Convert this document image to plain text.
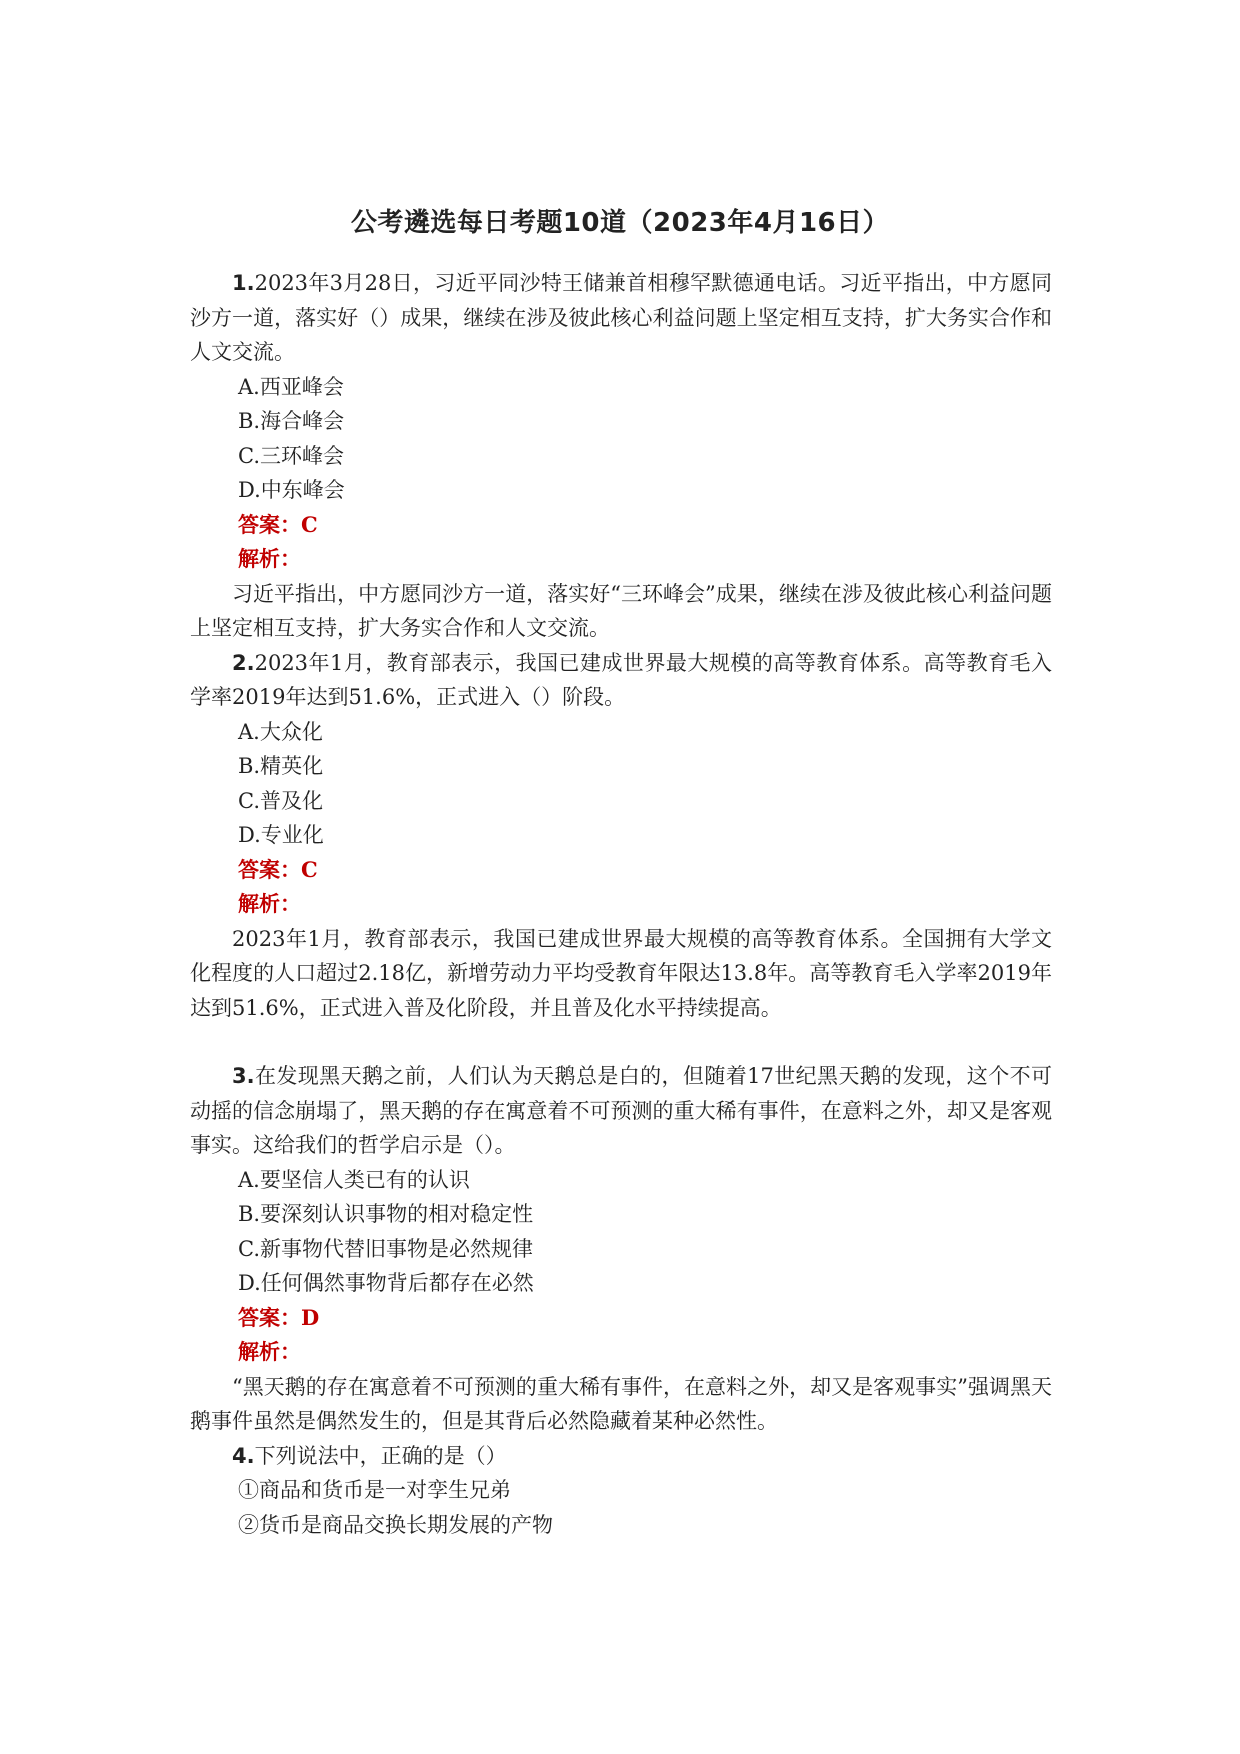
公考遴选每日考题10道（2023年4月16日）

1.2023年3月28日，习近平同沙特王储兼首相穆罕默德通电话。习近平指出，中方愿同沙方一道，落实好（）成果，继续在涉及彼此核心利益问题上坚定相互支持，扩大务实合作和人文交流。

A.西亚峰会

B.海合峰会

C.三环峰会

D.中东峰会

答案：C

解析：

习近平指出，中方愿同沙方一道，落实好“三环峰会”成果，继续在涉及彼此核心利益问题上坚定相互支持，扩大务实合作和人文交流。

2.2023年1月，教育部表示，我国已建成世界最大规模的高等教育体系。高等教育毛入学率2019年达到51.6%，正式进入（）阶段。

A.大众化

B.精英化

C.普及化

D.专业化

答案：C

解析：

2023年1月，教育部表示，我国已建成世界最大规模的高等教育体系。全国拥有大学文化程度的人口超过2.18亿，新增劳动力平均受教育年限达13.8年。高等教育毛入学率2019年达到51.6%，正式进入普及化阶段，并且普及化水平持续提高。

3.在发现黑天鹅之前，人们认为天鹅总是白的，但随着17世纪黑天鹅的发现，这个不可动摇的信念崩塌了，黑天鹅的存在寓意着不可预测的重大稀有事件，在意料之外，却又是客观事实。这给我们的哲学启示是（）。

A.要坚信人类已有的认识

B.要深刻认识事物的相对稳定性

C.新事物代替旧事物是必然规律

D.任何偶然事物背后都存在必然

答案：D

解析：

“黑天鹅的存在寓意着不可预测的重大稀有事件，在意料之外，却又是客观事实”强调黑天鹅事件虽然是偶然发生的，但是其背后必然隐藏着某种必然性。

4.下列说法中，正确的是（）

①商品和货币是一对孪生兄弟

②货币是商品交换长期发展的产物
